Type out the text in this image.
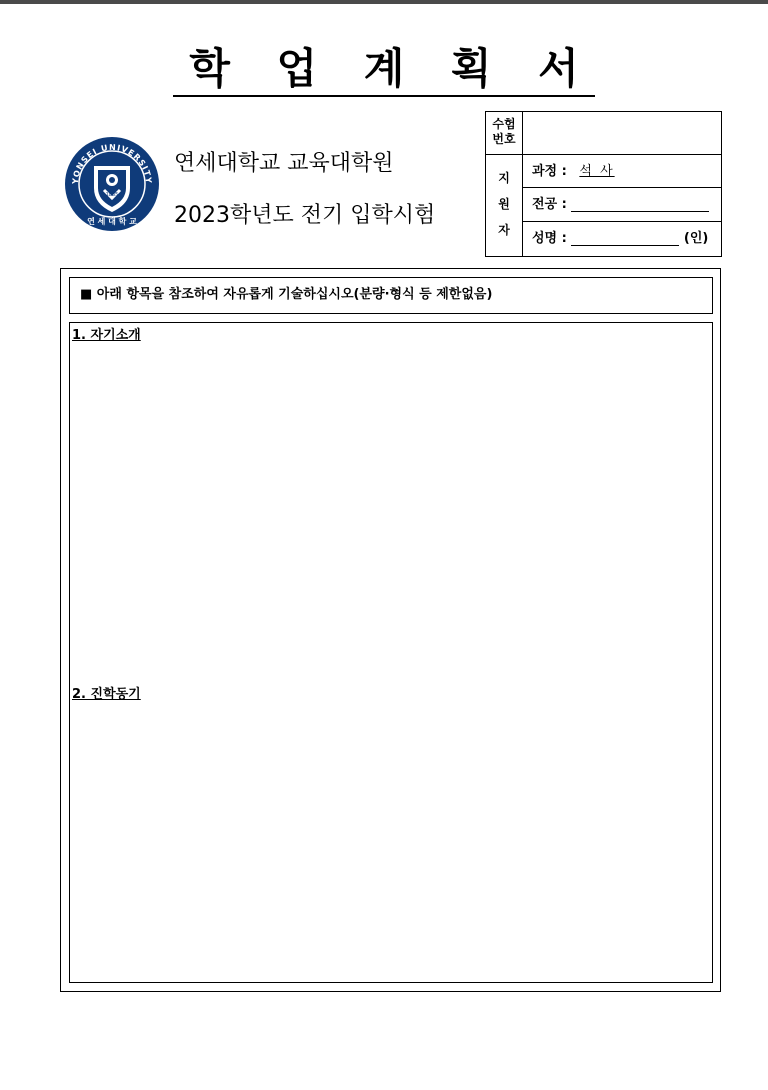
학 업 계 획 서
1885
YONSEI UNIVERSITY
연 세 대 학 교
연세대학교 교육대학원
2023학년도 전기 입학시험
수험
번호
지
원
자
과정 : 석 사
전공 :
성명 :	(인)
■ 아래 항목을 참조하여 자유롭게 기술하십시오(분량·형식 등 제한없음)
1. 자기소개
2. 진학동기
